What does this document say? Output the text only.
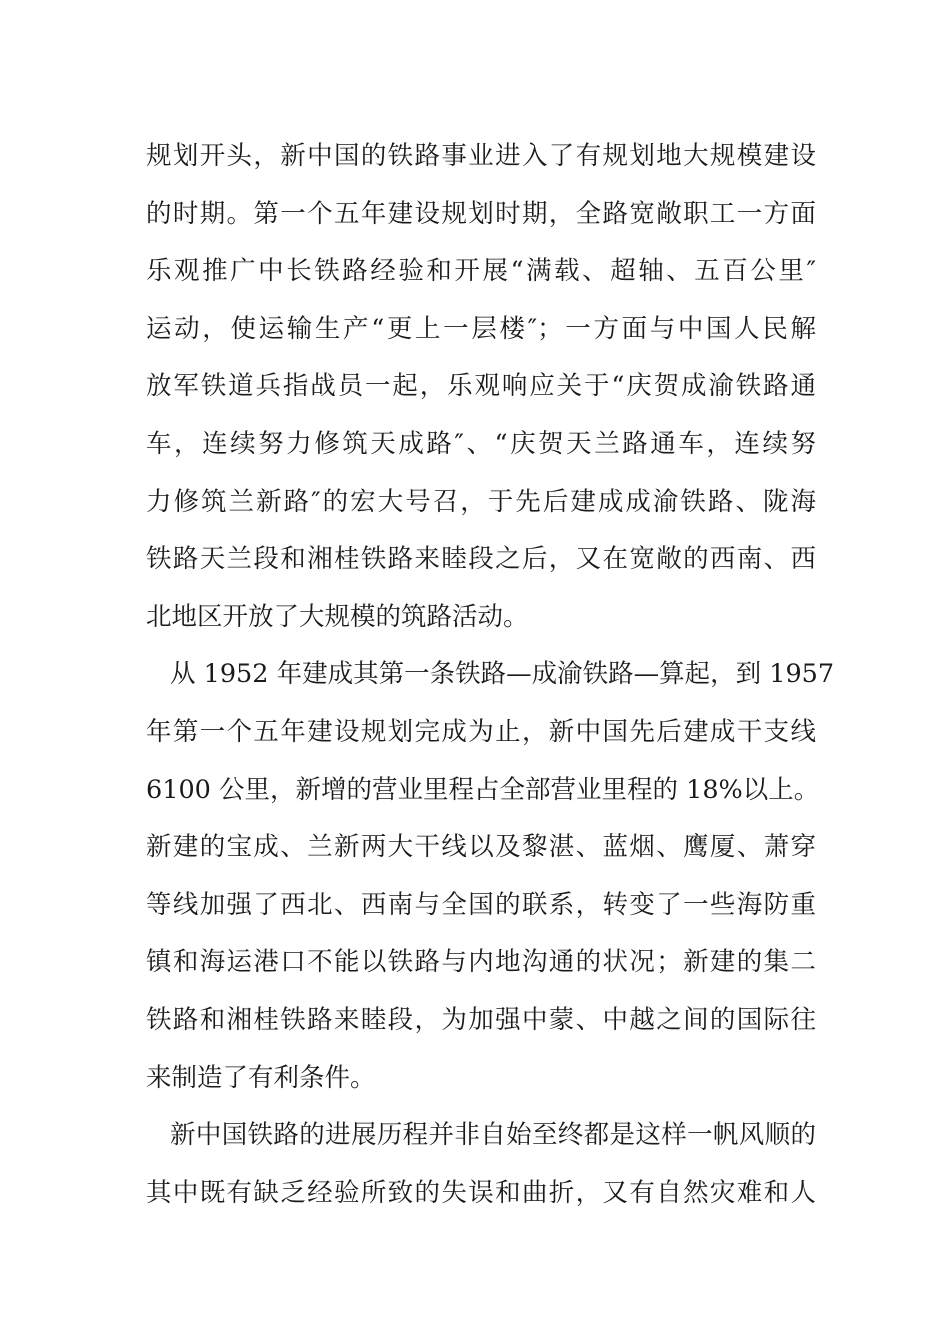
规划开头，新中国的铁路事业进入了有规划地大规模建设
的时期。第一个五年建设规划时期，全路宽敞职工一方面
乐观推广中长铁路经验和开展“满载、超轴、五百公里″
运动，使运输生产“更上一层楼″；一方面与中国人民解
放军铁道兵指战员一起，乐观响应关于“庆贺成渝铁路通
车，连续努力修筑天成路″、“庆贺天兰路通车，连续努
力修筑兰新路″的宏大号召，于先后建成成渝铁路、陇海
铁路天兰段和湘桂铁路来睦段之后，又在宽敞的西南、西
北地区开放了大规模的筑路活动。
从 1952 年建成其第一条铁路—成渝铁路—算起，到 1957
年第一个五年建设规划完成为止，新中国先后建成干支线
6100 公里，新增的营业里程占全部营业里程的 18%以上。
新建的宝成、兰新两大干线以及黎湛、蓝烟、鹰厦、萧穿
等线加强了西北、西南与全国的联系，转变了一些海防重
镇和海运港口不能以铁路与内地沟通的状况；新建的集二
铁路和湘桂铁路来睦段，为加强中蒙、中越之间的国际往
来制造了有利条件。
新中国铁路的进展历程并非自始至终都是这样一帆风顺的
其中既有缺乏经验所致的失误和曲折，又有自然灾难和人
